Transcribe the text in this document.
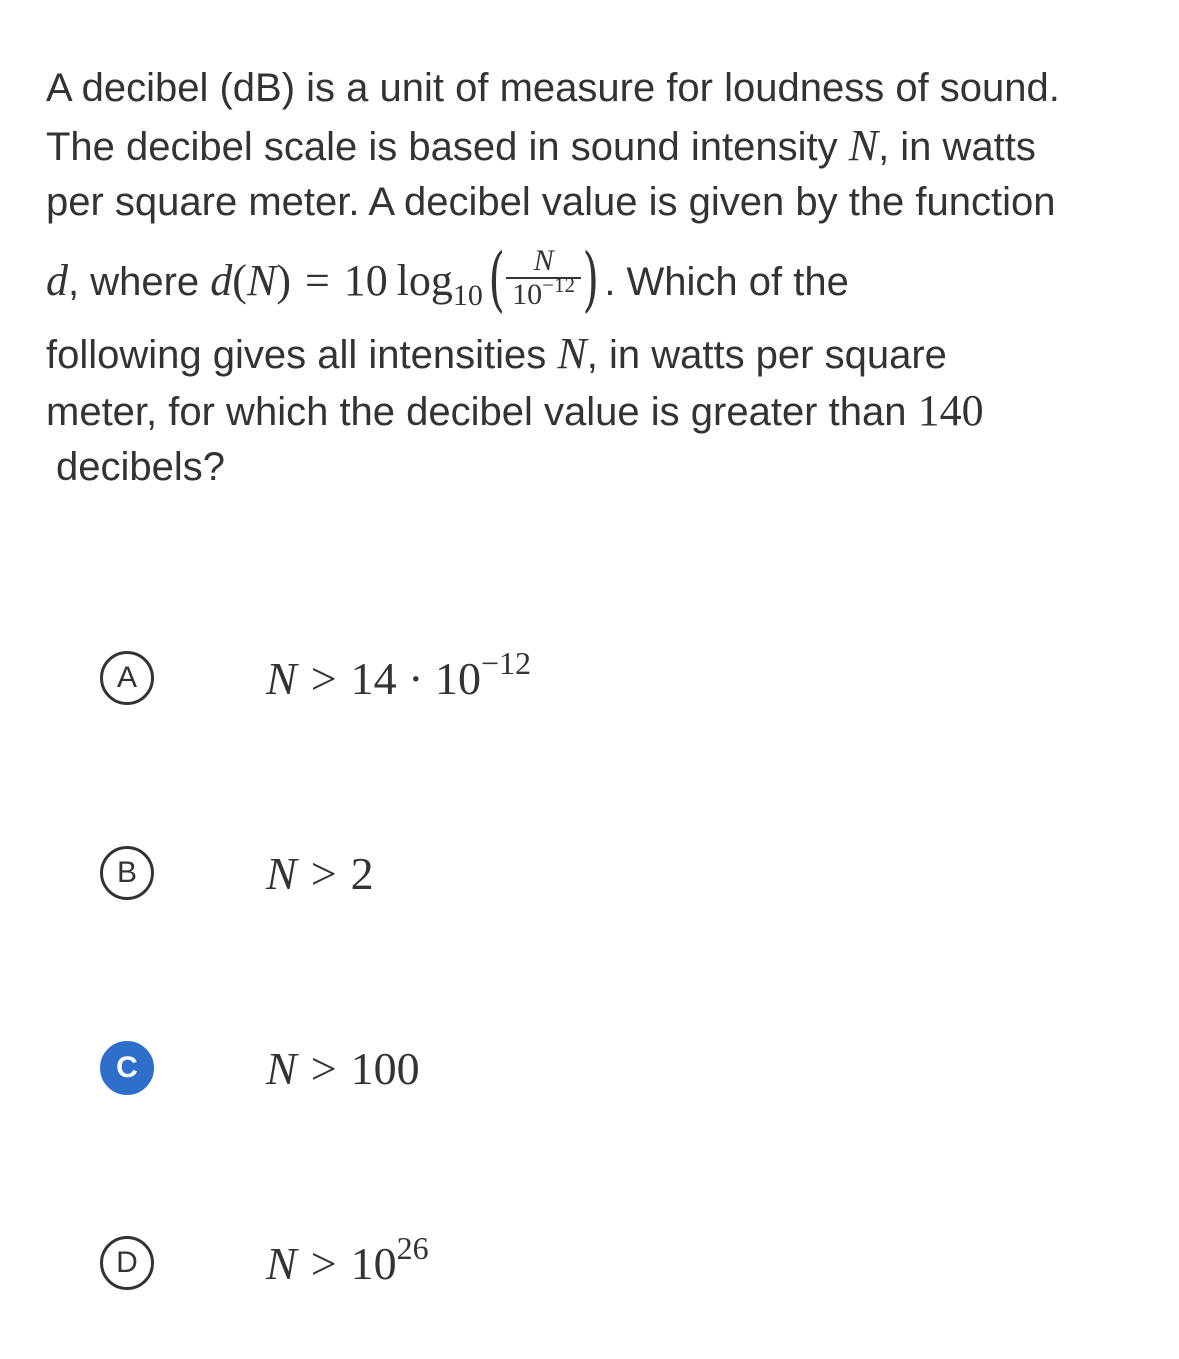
A decibel (dB) is a unit of measure for loudness of sound.
The decibel scale is based in sound intensity N, in watts
per square meter. A decibel value is given by the function
d, where d(N) = 10  $\log_{10}( \frac{N}{10^{-12}}$ ) . Which of the
following gives all intensities N, in watts per square
meter, for which the decibel value is greater than 140
decibels?
A	$N > 14 \cdot 10^{-12}$
B	N > 2
C	N > 100
D	$N > 10^{26}$
